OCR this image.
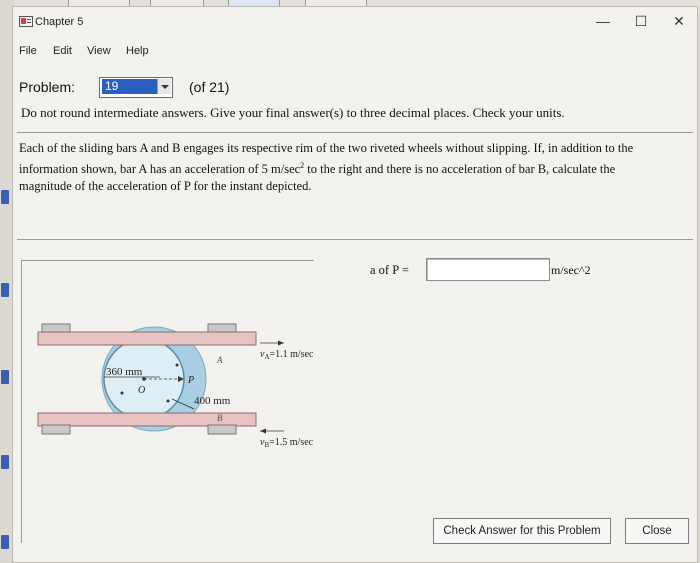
Chapter 5	—	☐	✕
File Edit View Help
Problem: 19	(of 21)
Do not round intermediate answers. Give your final answer(s) to three decimal places. Check your units.
Each of the sliding bars A and B engages its respective rim of the two riveted wheels without slipping. If, in addition to the
information shown, bar A has an acceleration of 5 $m/\sec^2$ to the right and there is no acceleration of bar B, calculate the
magnitude of the acceleration of P for the instant depicted.
360 mm
O
P
400 mm
A
B
$v_A=1.1$ m/sec
$v_B=1.5$ m/sec
a of P =	m/sec^2
Check Answer for this Problem	Close
